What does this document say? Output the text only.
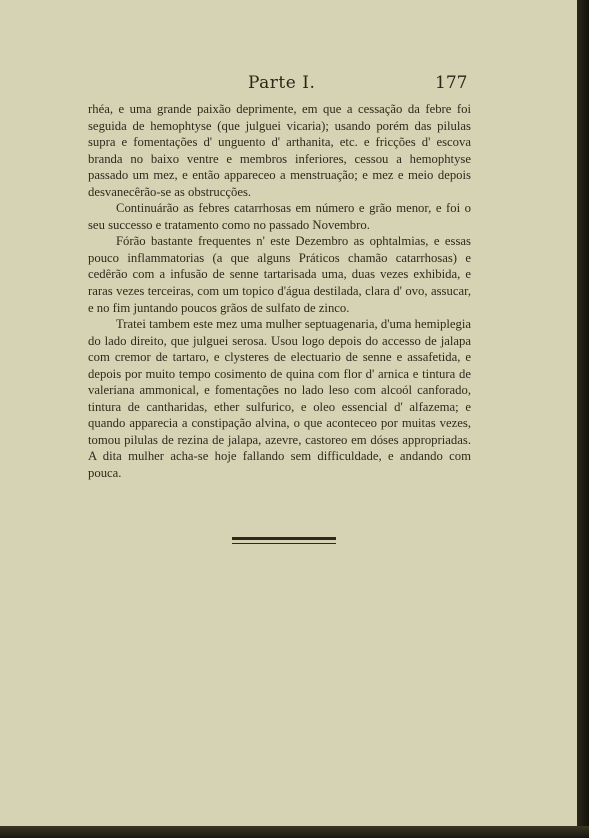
Parte I.	177

rhéa, e uma grande paixão deprimente, em que a cessação da febre foi seguida de hemophtyse (que julguei vicaria); usando porém das pilulas supra e fomentações d' unguento d' arthanita, etc. e fricções d' escova branda no baixo ventre e membros inferiores, cessou a hemophtyse passado um mez, e então appareceo a menstruação; e mez e meio depois desvanecêrão-se as obstrucções.

Continuárão as febres catarrhosas em número e grão menor, e foi o seu successo e tratamento como no passado Novembro.

Fórão bastante frequentes n' este Dezembro as ophtalmias, e essas pouco inflammatorias (a que alguns Práticos chamão catarrhosas) e cedêrão com a infusão de senne tartarisada uma, duas vezes exhibida, e raras vezes terceiras, com um topico d'água destilada, clara d' ovo, assucar, e no fim juntando poucos grãos de sulfato de zinco.

Tratei tambem este mez uma mulher septuagenaria, d'uma hemiplegia do lado direito, que julguei serosa. Usou logo depois do accesso de jalapa com cremor de tartaro, e clysteres de electuario de senne e assafetida, e depois por muito tempo cosimento de quina com flor d' arnica e tintura de valeriana ammonical, e fomentações no lado leso com alcoól canforado, tintura de cantharidas, ether sulfurico, e oleo essencial d' alfazema; e quando apparecia a constipação alvina, o que aconteceo por muitas vezes, tomou pilulas de rezina de jalapa, azevre, castoreo em dóses appropriadas. A dita mulher acha-se hoje fallando sem difficuldade, e andando com pouca.
